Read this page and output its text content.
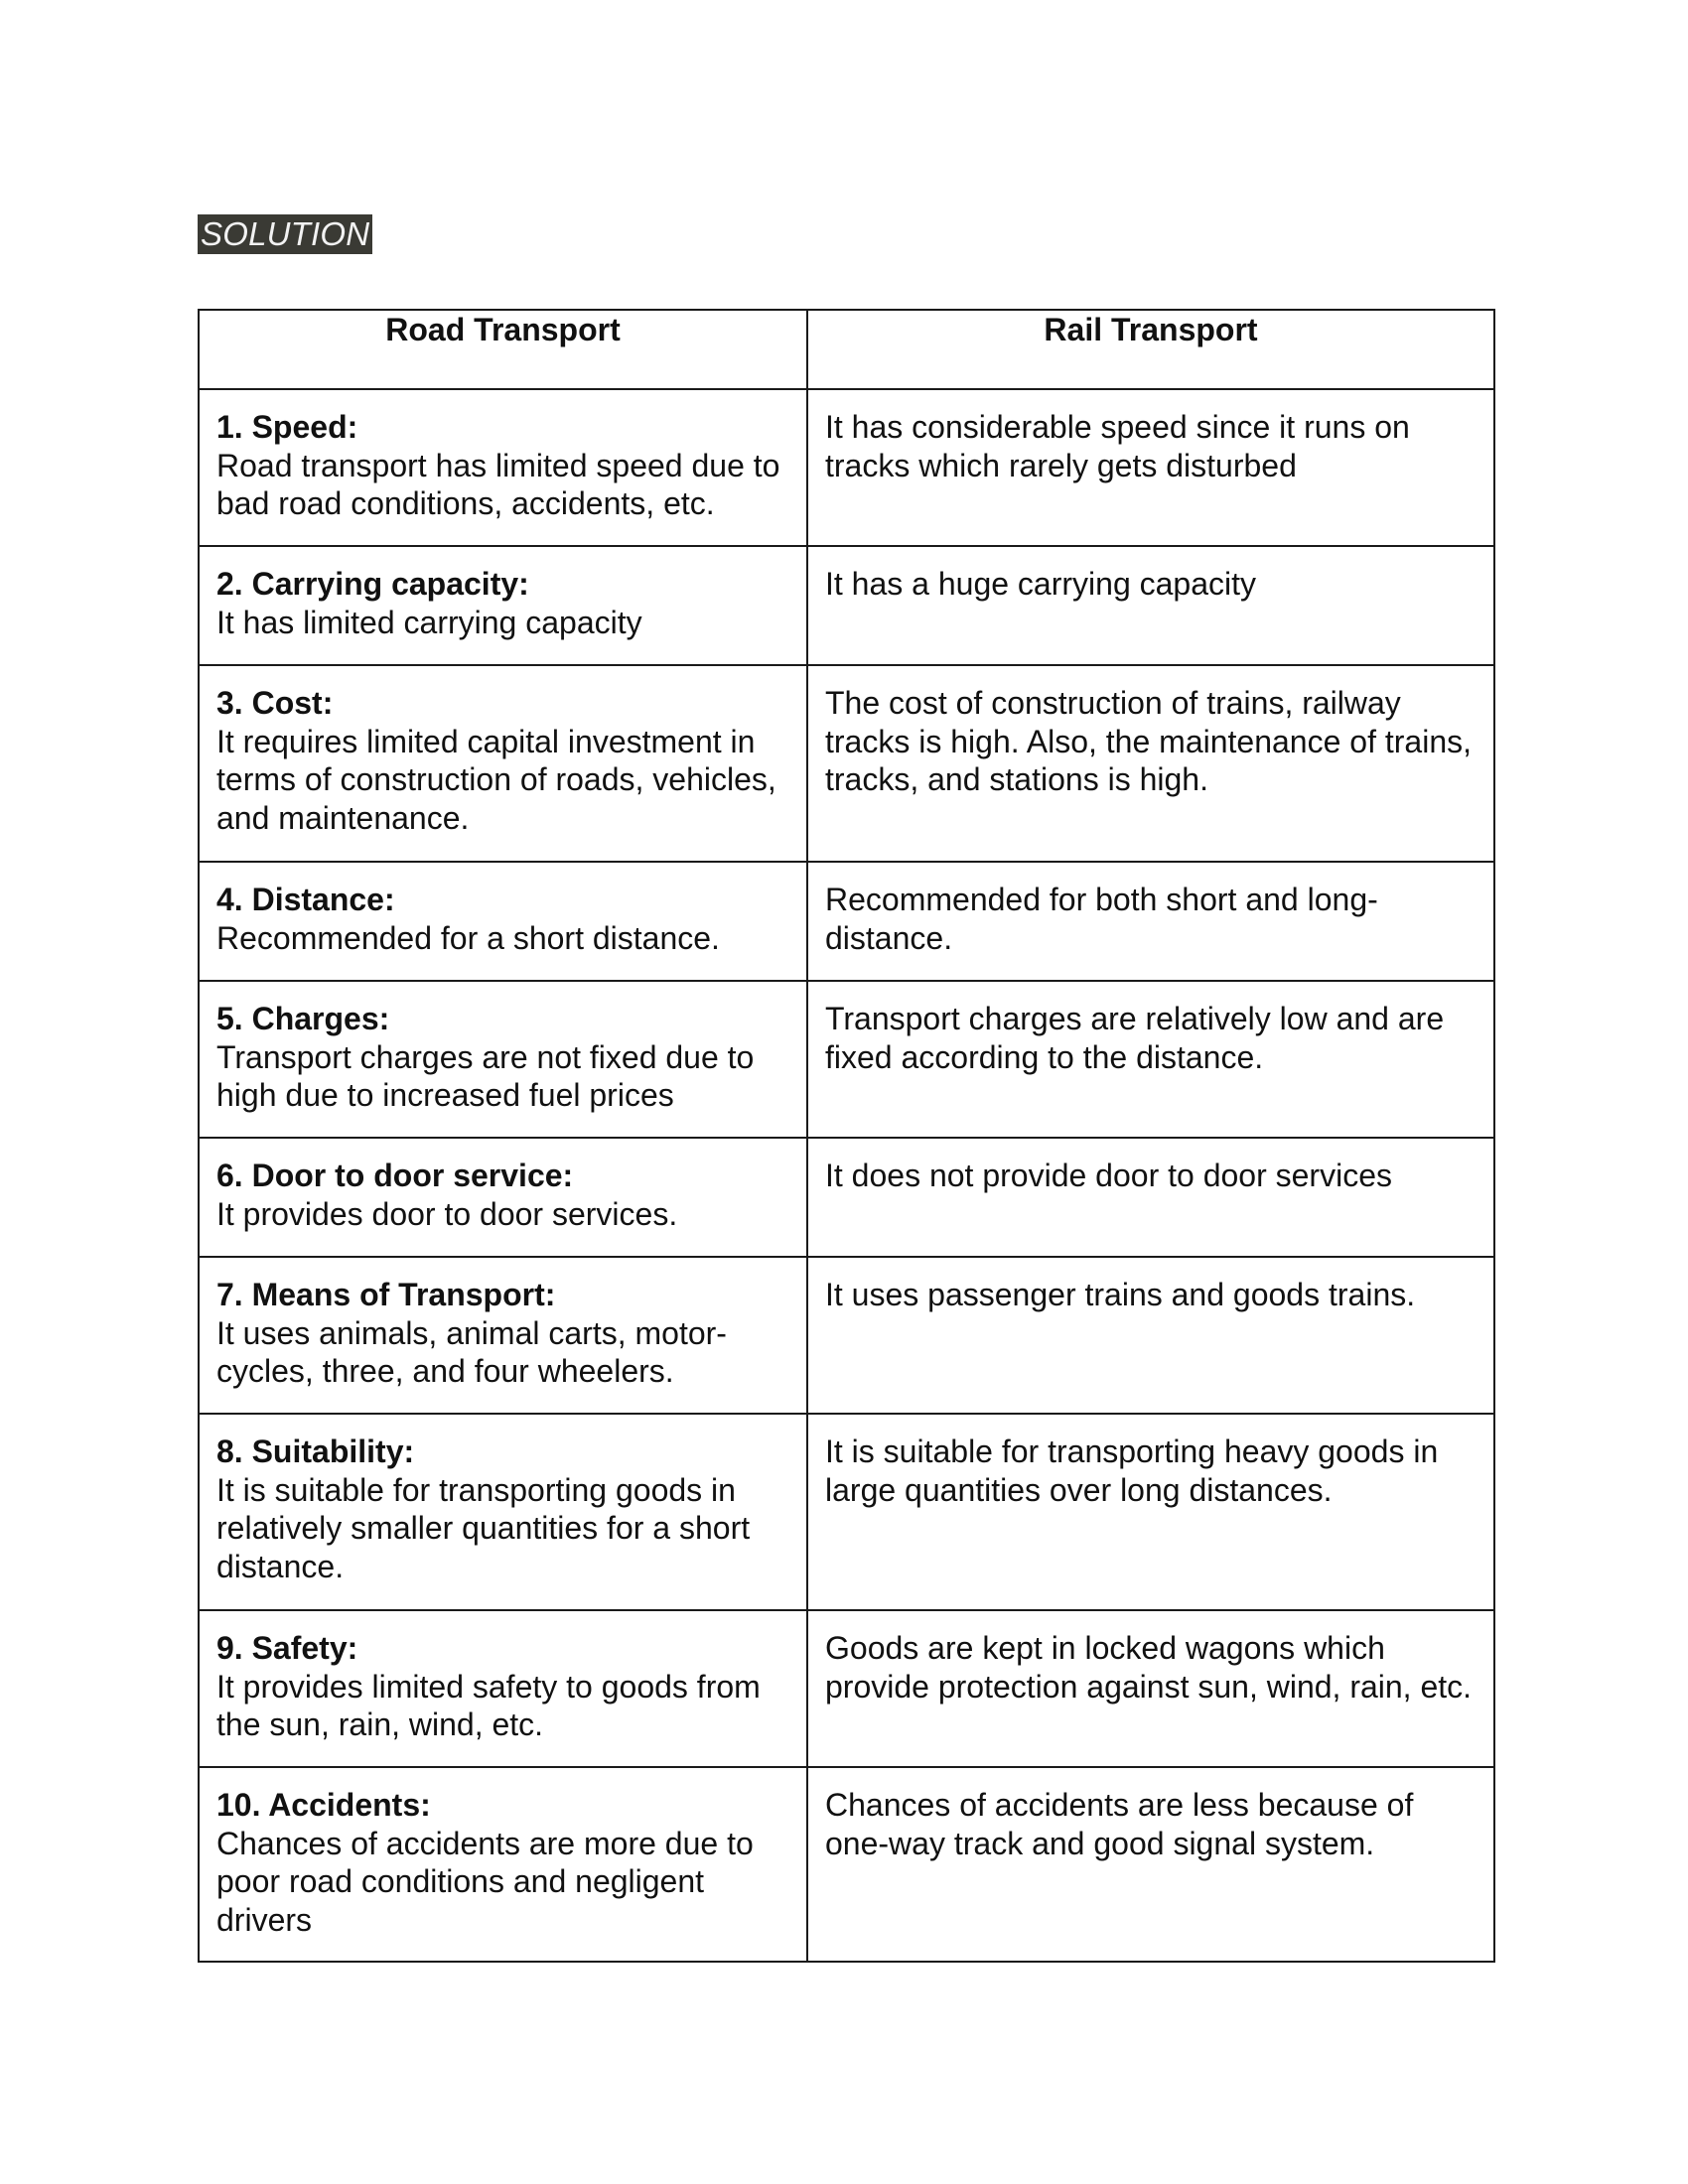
SOLUTION
Road Transport	Rail Transport

1. Speed:
Road transport has limited speed due to bad road conditions, accidents, etc.	It has considerable speed since it runs on tracks which rarely gets disturbed

2. Carrying capacity:
It has limited carrying capacity	It has a huge carrying capacity

3. Cost:
It requires limited capital investment in terms of construction of roads, vehicles, and maintenance.	The cost of construction of trains, railway tracks is high. Also, the maintenance of trains, tracks, and stations is high.

4. Distance:
Recommended for a short distance.	Recommended for both short and long-distance.

5. Charges:
Transport charges are not fixed due to high due to increased fuel prices	Transport charges are relatively low and are fixed according to the distance.

6. Door to door service:
It provides door to door services.	It does not provide door to door services

7. Means of Transport:
It uses animals, animal carts, motor-cycles, three, and four wheelers.	It uses passenger trains and goods trains.

8. Suitability:
It is suitable for transporting goods in relatively smaller quantities for a short distance.	It is suitable for transporting heavy goods in large quantities over long distances.

9. Safety:
It provides limited safety to goods from the sun, rain, wind, etc.	Goods are kept in locked wagons which provide protection against sun, wind, rain, etc.

10. Accidents:
Chances of accidents are more due to poor road conditions and negligent drivers	Chances of accidents are less because of one-way track and good signal system.
